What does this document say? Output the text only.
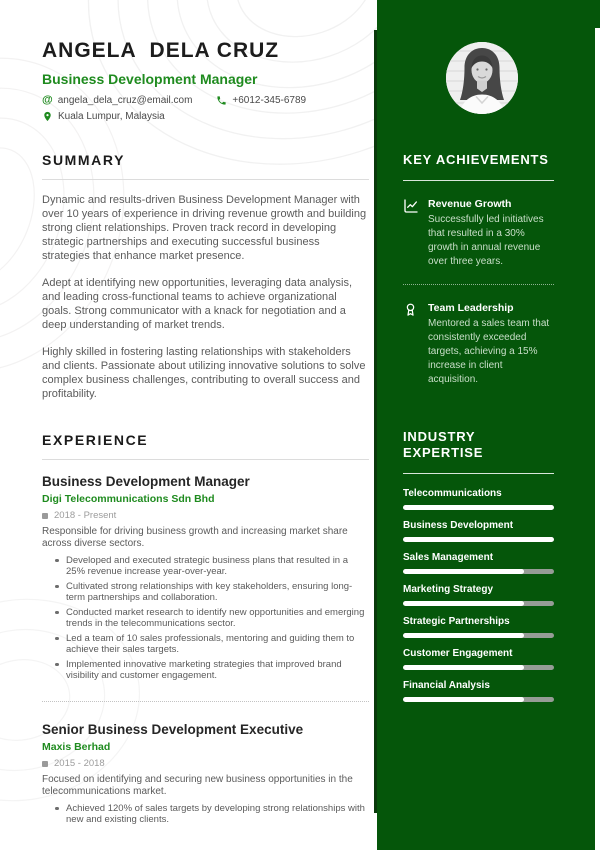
ANGELA  DELA CRUZ
Business Development Manager
@ angela_dela_cruz@email.com	+6012-345-6789
Kuala Lumpur, Malaysia
SUMMARY

Dynamic and results-driven Business Development Manager with over 10 years of experience in driving revenue growth and building strong client relationships. Proven track record in developing strategic partnerships and executing successful business strategies that enhance market presence.

Adept at identifying new opportunities, leveraging data analysis, and leading cross-functional teams to achieve organizational goals. Strong communicator with a knack for negotiation and a deep understanding of market trends.

Highly skilled in fostering lasting relationships with stakeholders and clients. Passionate about utilizing innovative solutions to solve complex business challenges, contributing to overall success and profitability.

EXPERIENCE
Business Development Manager
Digi Telecommunications Sdn Bhd
2018 - Present

Responsible for driving business growth and increasing market share across diverse sectors.

Developed and executed strategic business plans that resulted in a 25% revenue increase year-over-year.
Cultivated strong relationships with key stakeholders, ensuring long-term partnerships and collaboration.
Conducted market research to identify new opportunities and emerging trends in the telecommunications sector.
Led a team of 10 sales professionals, mentoring and guiding them to achieve their sales targets.
Implemented innovative marketing strategies that improved brand visibility and customer engagement.
Senior Business Development Executive
Maxis Berhad
2015 - 2018

Focused on identifying and securing new business opportunities in the telecommunications market.

Achieved 120% of sales targets by developing strong relationships with new and existing clients.
KEY ACHIEVEMENTS
Revenue Growth
Successfully led initiatives that resulted in a 30% growth in annual revenue over three years.
Team Leadership
Mentored a sales team that consistently exceeded targets, achieving a 15% increase in client acquisition.
INDUSTRY EXPERTISE
Telecommunications
Business Development
Sales Management
Marketing Strategy
Strategic Partnerships
Customer Engagement
Financial Analysis
